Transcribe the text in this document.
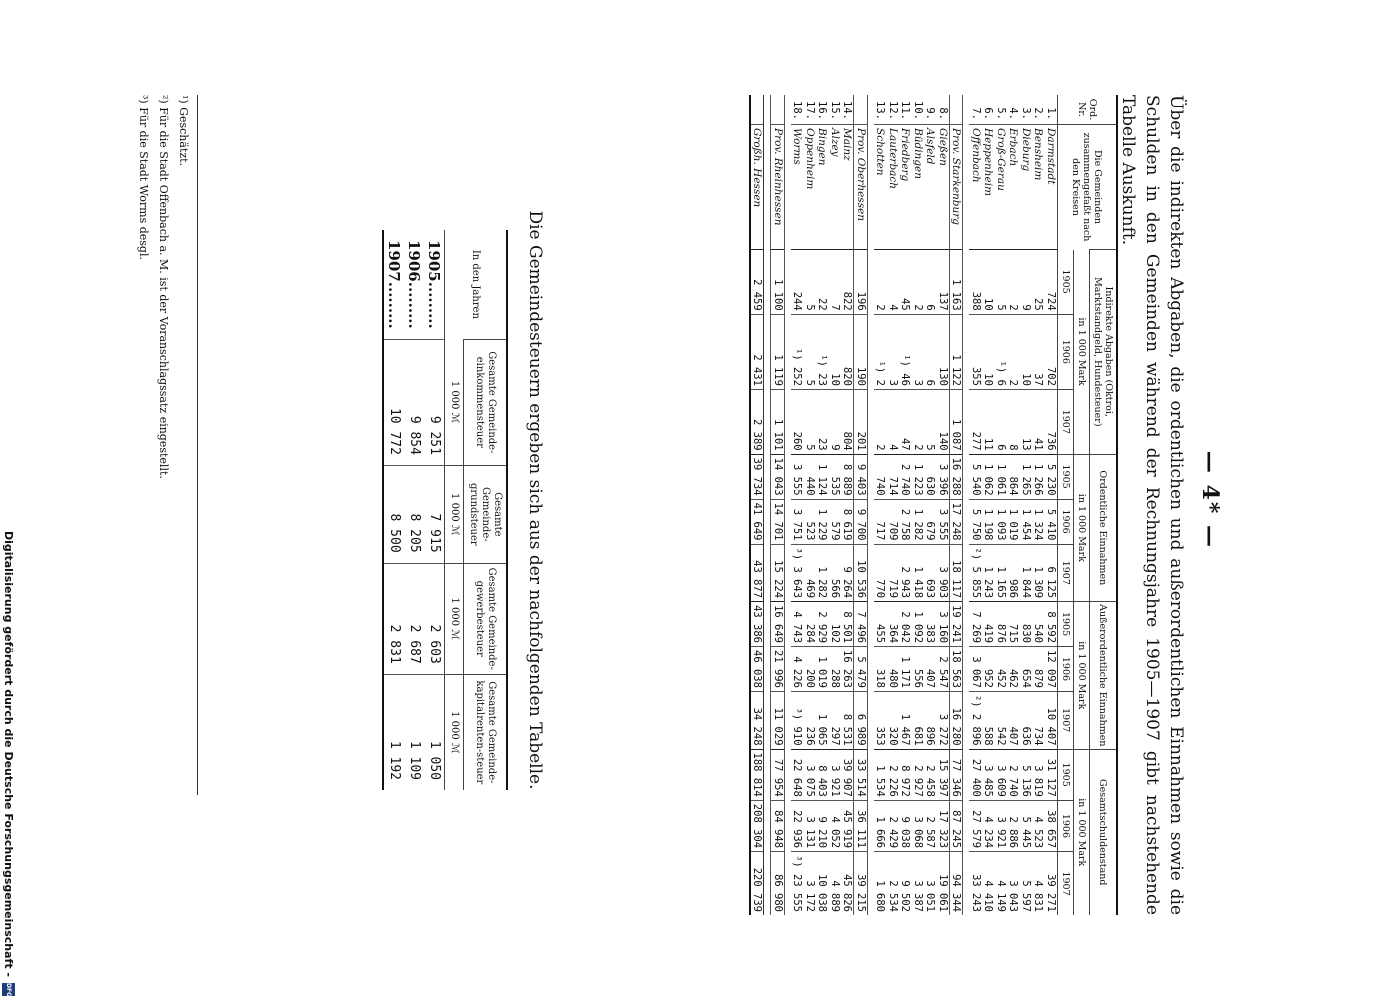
— 4* —
Über die indirekten Abgaben, die ordentlichen und außerordentlichen Einnahmen sowie die Schulden in den Gemeinden während der Rechnungsjahre 1905—1907 gibt nachstehende Tabelle Auskunft.
Ord. Nr.	Die Gemeinden zusammengefaßt nach den Kreisen	Indirekte Abgaben (Oktroi, Marktstandgeld, Hundesteuer)			Ordentliche Einnahmen			Außerordentliche Einnahmen			Gesamtschuldenstand		
		in 1 000 Mark			in 1 000 Mark			in 1 000 Mark			in 1 000 Mark		
		1905	1906	1907	1905	1906	1907	1905	1906	1907	1905	1906	1907
1.	Darmstadt	724	702	736	5 230	5 410	6 125	8 592	12 097	10 407	31 127	38 657	39 271
2.	Bensheim	25	37	41	1 266	1 324	1 309	540	879	734	3 819	4 523	4 831
3.	Dieburg	9	10	13	1 265	1 454	1 844	830	654	636	5 136	5 445	5 597
4.	Erbach	2	2	8	864	1 019	986	715	462	407	2 740	2 886	3 043
5.	Groß-Gerau	5	¹) 6	6	1 061	1 093	1 165	876	452	542	3 609	3 921	4 149
6.	Heppenheim	10	10	11	1 062	1 198	1 243	419	952	588	3 485	4 234	4 410
7.	Offenbach	388	355	277	5 540	5 750	²) 5 855	7 269	3 067	²) 2 896	27 400	27 579	33 243

	Prov. Starkenburg	1 163	1 122	1 087	16 288	17 248	18 117	19 241	18 563	16 280	77 346	87 245	94 344
8.	Gießen	137	130	140	3 396	3 555	3 903	3 160	2 547	3 272	15 397	17 323	19 061
9.	Alsfeld	6	6	5	630	679	693	383	407	896	2 458	2 587	3 051
10.	Büdingen	2	3	2	1 223	1 282	1 418	1 092	556	681	2 927	3 068	3 387
11.	Friedberg	45	¹) 46	47	2 740	2 758	2 943	2 042	1 171	1 467	8 972	9 038	9 502
12.	Lauterbach	4	3	4	714	709	719	364	480	320	2 226	2 429	2 534
13.	Schotten	2	¹) 2	2	740	717	770	455	318	353	1 534	1 666	1 680

	Prov. Oberhessen	196	190	201	9 403	9 700	10 536	7 496	5 479	6 989	33 514	36 111	39 215
14.	Mainz	822	820	804	8 889	8 619	9 264	8 501	16 263	8 531	39 907	45 919	45 826
15.	Alzey	7	10	9	535	579	566	102	288	297	3 921	4 052	4 889
16.	Bingen	22	¹) 23	23	1 124	1 229	1 282	2 929	1 019	1 065	8 403	9 210	10 038
17.	Oppenheim	5	5	5	440	523	469	284	200	236	3 075	3 131	3 172
18.	Worms	244	¹) 252	260	3 555	3 751	³) 3 643	4 743	4 226	³) 910	22 648	22 936	³) 23 555

	Prov. Rheinhessen	1 100	1 119	1 101	14 043	14 701	15 224	16 649	21 996	11 029	77 954	84 948	86 980

	Großh. Hessen	2 459	2 431	2 389	39 734	41 649	43 877	43 386	46 038	34 248	188 814	208 304	220 739
Die Gemeindesteuern ergeben sich aus der nachfolgenden Tabelle.
In den Jahren	Gesamte Gemeinde-einkommensteuer	Gesamte Gemeinde-grundsteuer	Gesamte Gemeinde-gewerbesteuer	Gesamte Gemeinde-kapitalrenten-steuer
	1 000 ℳ	1 000 ℳ	1 000 ℳ	1 000 ℳ
1905.........	9 251	7 915	2 603	1 050
1906.........	9 854	8 205	2 687	1 109
1907.........	10 772	8 500	2 831	1 192
¹) Geschätzt.
²) Für die Stadt Offenbach a. M. ist der Voranschlagssatz eingestellt.
³) Für die Stadt Worms desgl.
Digitalisierung gefördert durch die Deutsche Forschungsgemeinschaft -
DFG
